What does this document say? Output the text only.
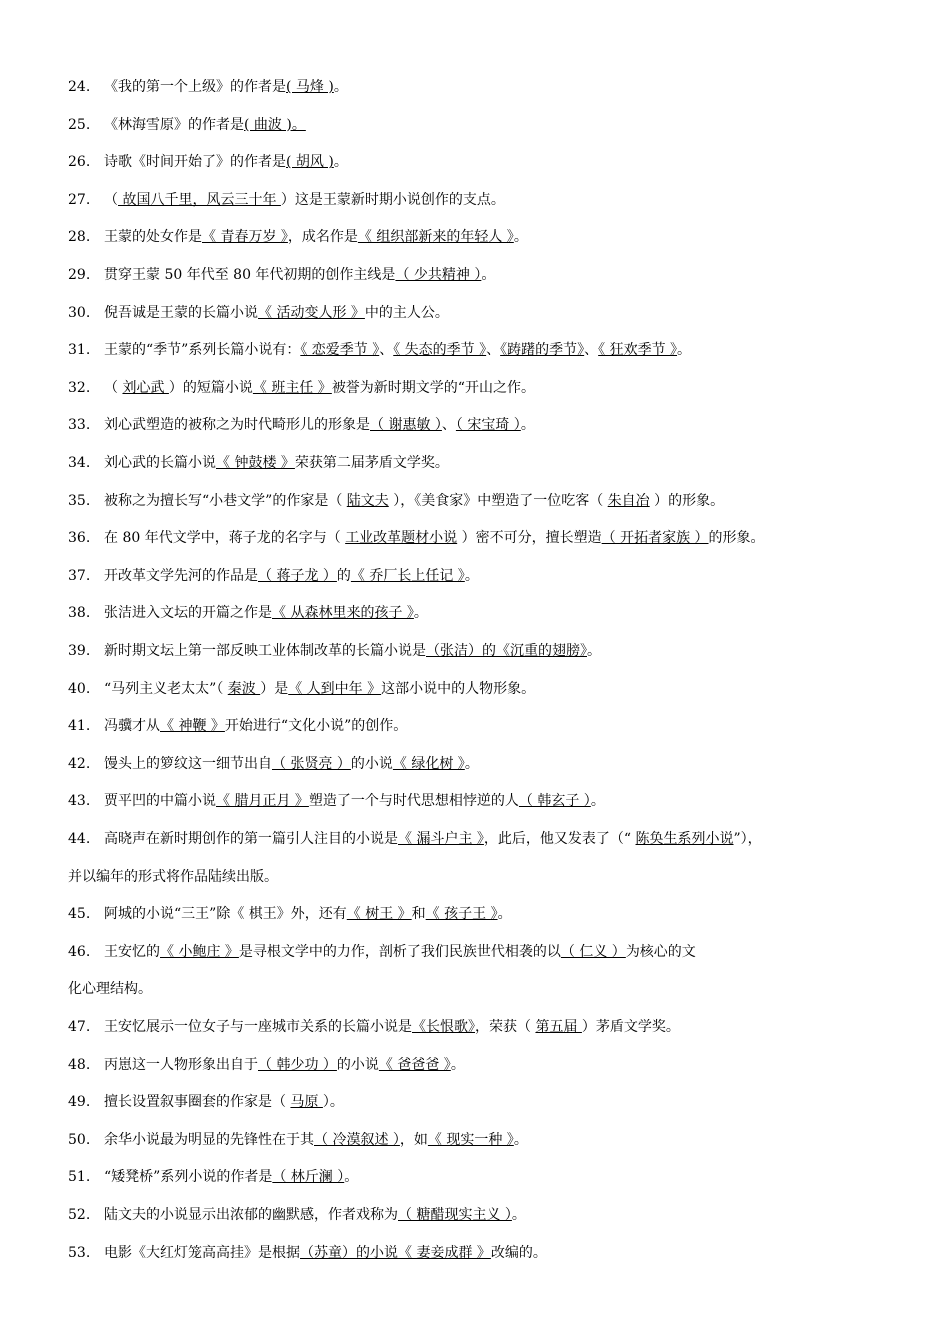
24. 《我的第一个上级》的作者是( 马烽 )。
25. 《林海雪原》的作者是( 曲波 )。
26. 诗歌《时间开始了》的作者是( 胡风 )。
27. （ 故国八千里，风云三十年 ）这是王蒙新时期小说创作的支点。
28. 王蒙的处女作是《 青春万岁 》，成名作是《 组织部新来的年轻人 》。
29. 贯穿王蒙 50 年代至 80 年代初期的创作主线是（ 少共精神 ）。
30. 倪吾诚是王蒙的长篇小说《 活动变人形 》中的主人公。
31. 王蒙的“季节”系列长篇小说有：《 恋爱季节 》、《 失态的季节 》、《踌躇的季节》、《 狂欢季节 》。
32. （ 刘心武 ）的短篇小说《 班主任 》被誉为新时期文学的“开山之作。
33. 刘心武塑造的被称之为时代畸形儿的形象是（ 谢惠敏 ）、（ 宋宝琦 ）。
34. 刘心武的长篇小说《 钟鼓楼 》荣获第二届茅盾文学奖。
35. 被称之为擅长写“小巷文学”的作家是（ 陆文夫 ），《美食家》中塑造了一位吃客（ 朱自冶 ）的形象。
36. 在 80 年代文学中，蒋子龙的名字与（ 工业改革题材小说 ）密不可分，擅长塑造（ 开拓者家族 ）的形象。
37. 开改革文学先河的作品是（ 蒋子龙 ）的《 乔厂长上任记 》。
38. 张洁进入文坛的开篇之作是《 从森林里来的孩子 》。
39. 新时期文坛上第一部反映工业体制改革的长篇小说是（张洁）的《沉重的翅膀》。
40. “马列主义老太太”（ 秦波 ）是《 人到中年 》这部小说中的人物形象。
41. 冯骥才从《 神鞭 》开始进行“文化小说”的创作。
42. 馒头上的箩纹这一细节出自（ 张贤亮 ）的小说《 绿化树 》。
43. 贾平凹的中篇小说《 腊月正月 》塑造了一个与时代思想相悖逆的人（ 韩玄子 ）。
44. 高晓声在新时期创作的第一篇引人注目的小说是《 漏斗户主 》，此后，他又发表了（“ 陈奂生系列小说”），
并以编年的形式将作品陆续出版。
45. 阿城的小说“三王”除《 棋王》外，还有《 树王 》和《 孩子王 》。
46. 王安忆的《 小鲍庄 》是寻根文学中的力作，剖析了我们民族世代相袭的以（ 仁义 ）为核心的文
化心理结构。
47. 王安忆展示一位女子与一座城市关系的长篇小说是《长恨歌》，荣获（ 第五届 ）茅盾文学奖。
48. 丙崽这一人物形象出自于（ 韩少功 ）的小说《 爸爸爸 》。
49. 擅长设置叙事圈套的作家是（ 马原 ）。
50. 余华小说最为明显的先锋性在于其（ 冷漠叙述 ），如《 现实一种 》。
51. “矮凳桥”系列小说的作者是（ 林斤澜 ）。
52. 陆文夫的小说显示出浓郁的幽默感，作者戏称为（ 糖醋现实主义 ）。
53. 电影《大红灯笼高高挂》是根据（苏童）的小说《 妻妾成群 》改编的。
